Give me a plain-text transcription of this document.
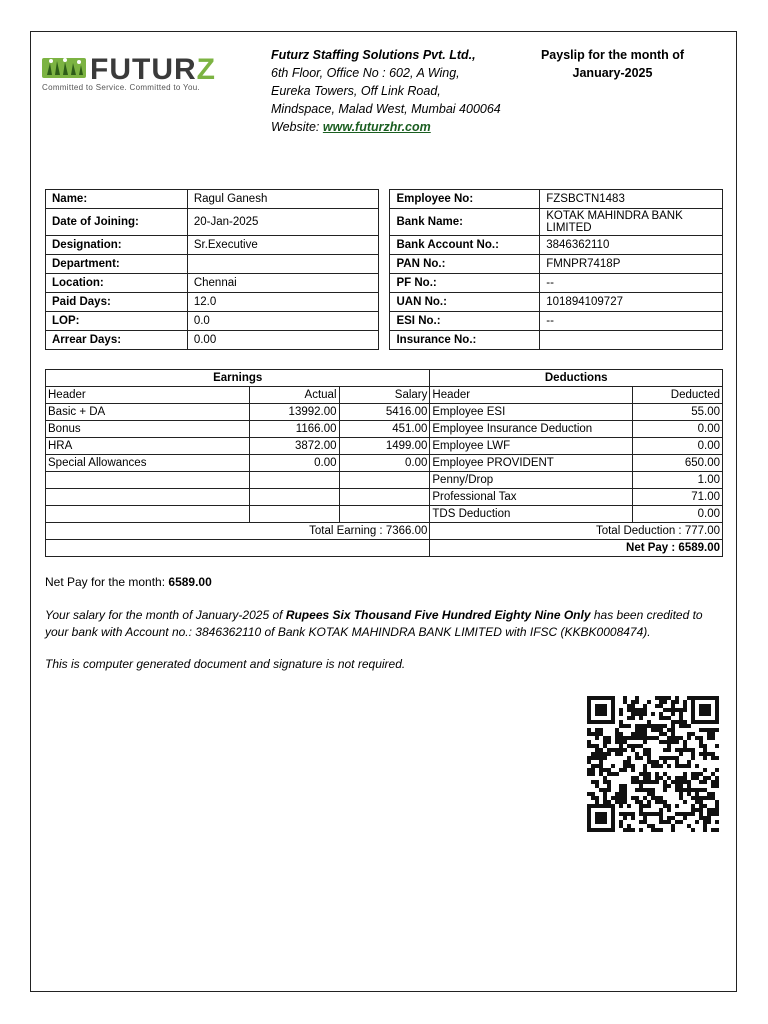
FUTURZ
Committed to Service. Committed to You.
Futurz Staffing Solutions Pvt. Ltd.,
6th Floor, Office No : 602, A Wing,
Eureka Towers, Off Link Road,
Mindspace, Malad West, Mumbai 400064
Website: www.futurzhr.com
Payslip for the month of
January-2025
Name:	Ragul Ganesh		Employee No:	FZSBCTN1483
Date of Joining:	20-Jan-2025		Bank Name:	KOTAK MAHINDRA BANK LIMITED
Designation:	Sr.Executive		Bank Account No.:	3846362110
Department:			PAN No.:	FMNPR7418P
Location:	Chennai		PF No.:	--
Paid Days:	12.0		UAN No.:	101894109727
LOP:	0.0		ESI No.:	--
Arrear Days:	0.00		Insurance No.:	
Earnings			Deductions	
Header	Actual	Salary	Header	Deducted
Basic + DA	13992.00	5416.00	Employee ESI	55.00
Bonus	1166.00	451.00	Employee Insurance Deduction	0.00
HRA	3872.00	1499.00	Employee LWF	0.00
Special Allowances	0.00	0.00	Employee PROVIDENT	650.00
			Penny/Drop	1.00
			Professional Tax	71.00
			TDS Deduction	0.00
Total Earning : 7366.00			Total Deduction : 777.00	
			Net Pay : 6589.00	
Net Pay for the month: 6589.00
Your salary for the month of January-2025 of Rupees Six Thousand Five Hundred Eighty Nine Only has been credited to your bank with Account no.: 3846362110 of Bank KOTAK MAHINDRA BANK LIMITED with IFSC (KKBK0008474).
This is computer generated document and signature is not required.
